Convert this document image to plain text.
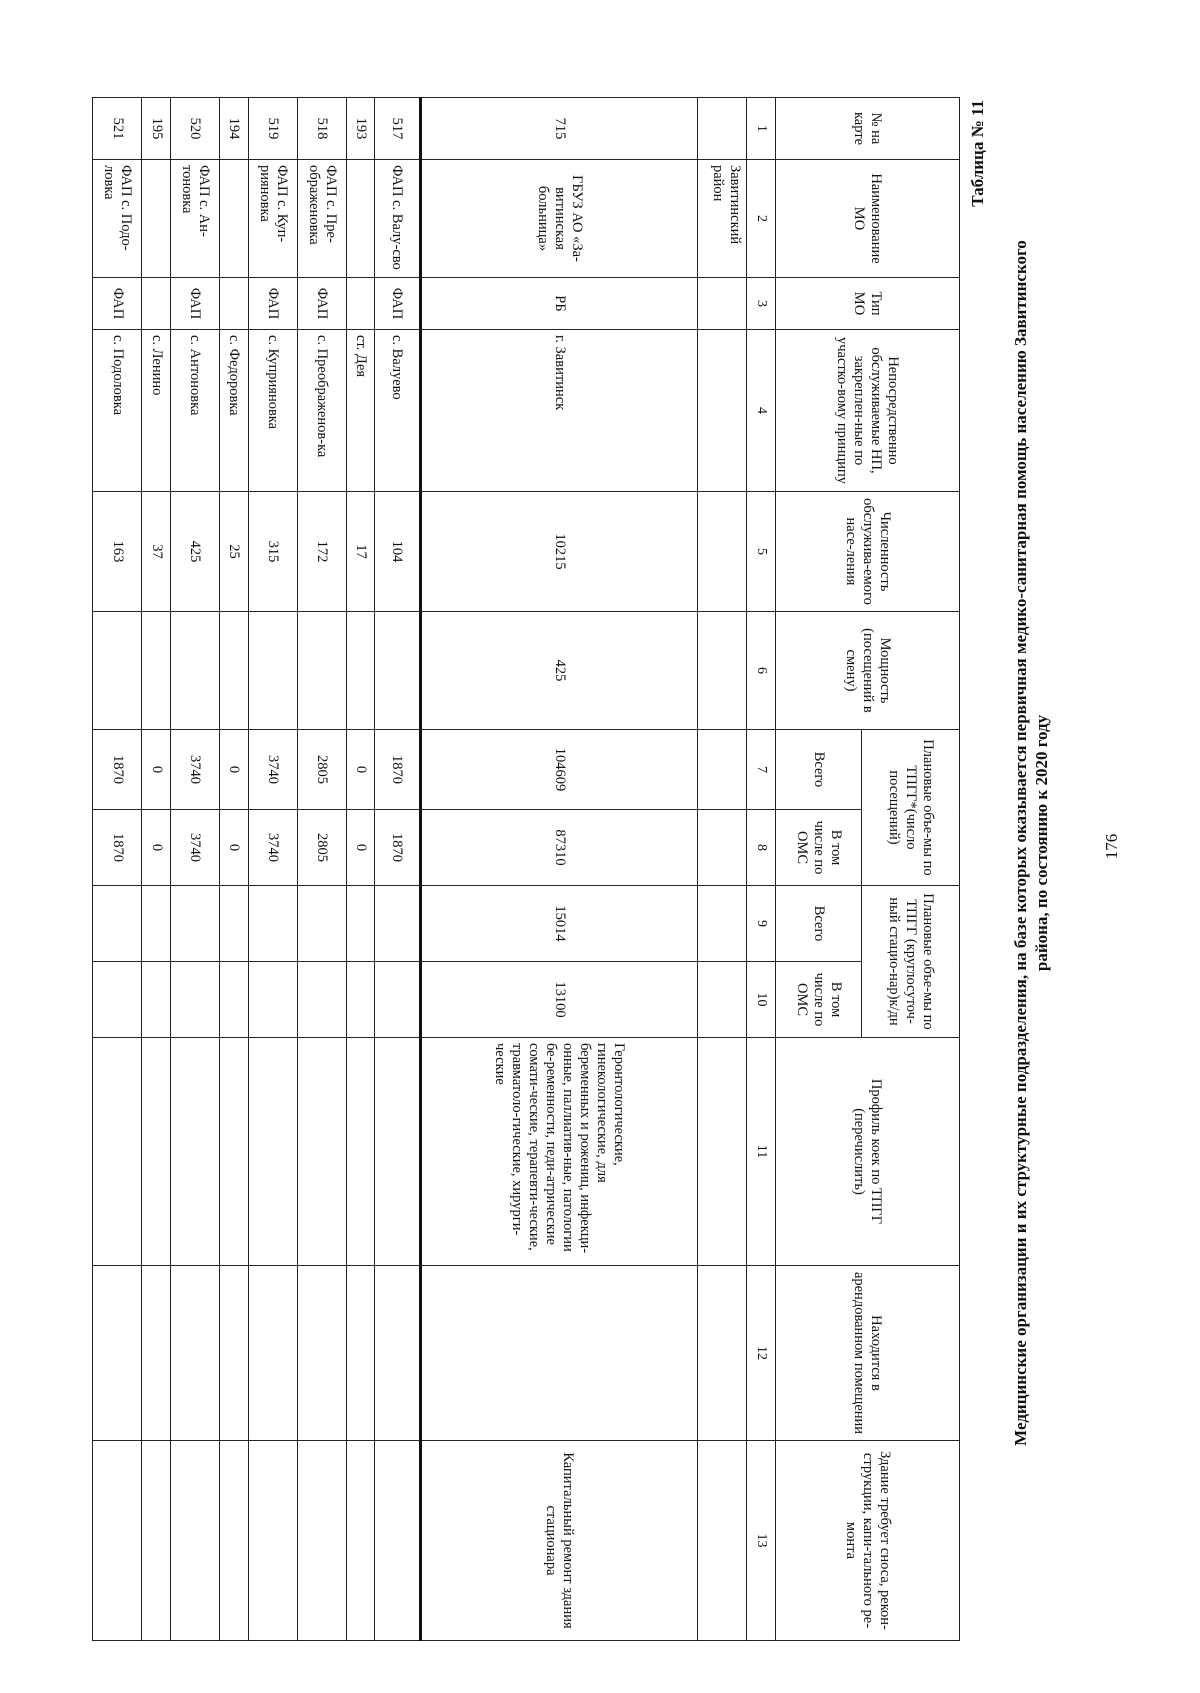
176
Медицинские организации и их структурные подразделения, на базе которых оказывается первичная медико-санитарная помощь населению Завитинского района, по состоянию к 2020 году
Таблица № 11
№ на карте	Наименование МО	Тип МО	Непосредственно обслуживаемые НП, закреплен-ные по участко-вому принципу	Численность обслужива-емого насе-ления	Мощность (посещений в смену)	Плановые объе-мы по ТПГГ*(число посещений)		Плановые объе-мы по ТПГГ (круглосуточ-ный стацио-нар)к/дн		Профиль коек по ТПГГ (перечислить)	Находится в арендованном помещении	Здание требует сноса, рекон-струкции, капи-тального ре-монта
						Всего	В том числе по ОМС	Всего	В том числе по ОМС			
1	2	3	4	5	6	7	8	9	10	11	12	13
	Завитинский район											
715	ГБУЗ АО «За-витинская больница»	РБ	г. Завитинск	10215	425	104609	87310	15014	13100	Геронтологические, гинекологические, для беременных и рожениц, инфекци-онные, паллиатив-ные, патологии бе-ременности, педи-атрические сомати-ческие, терапевти-ческие, травматоло-гические, хирурги-ческие		Капитальный ремонт здания стационара
517	ФАП с. Валу-сво	ФАП	с. Валуево	104		1870	1870					
193			ст. Дея	17		0	0					
518	ФАП с. Пре-ображеновка	ФАП	с. Преображенов-ка	172		2805	2805					
519	ФАП с. Куп-рияновка	ФАП	с. Куприяновка	315		3740	3740					
194			с. Федоровка	25		0	0					
520	ФАП с. Ан-тоновка	ФАП	с. Антоновка	425		3740	3740					
195			с. Ленино	37		0	0					
521	ФАП с. Подо-ловка	ФАП	с. Подоловка	163		1870	1870					
